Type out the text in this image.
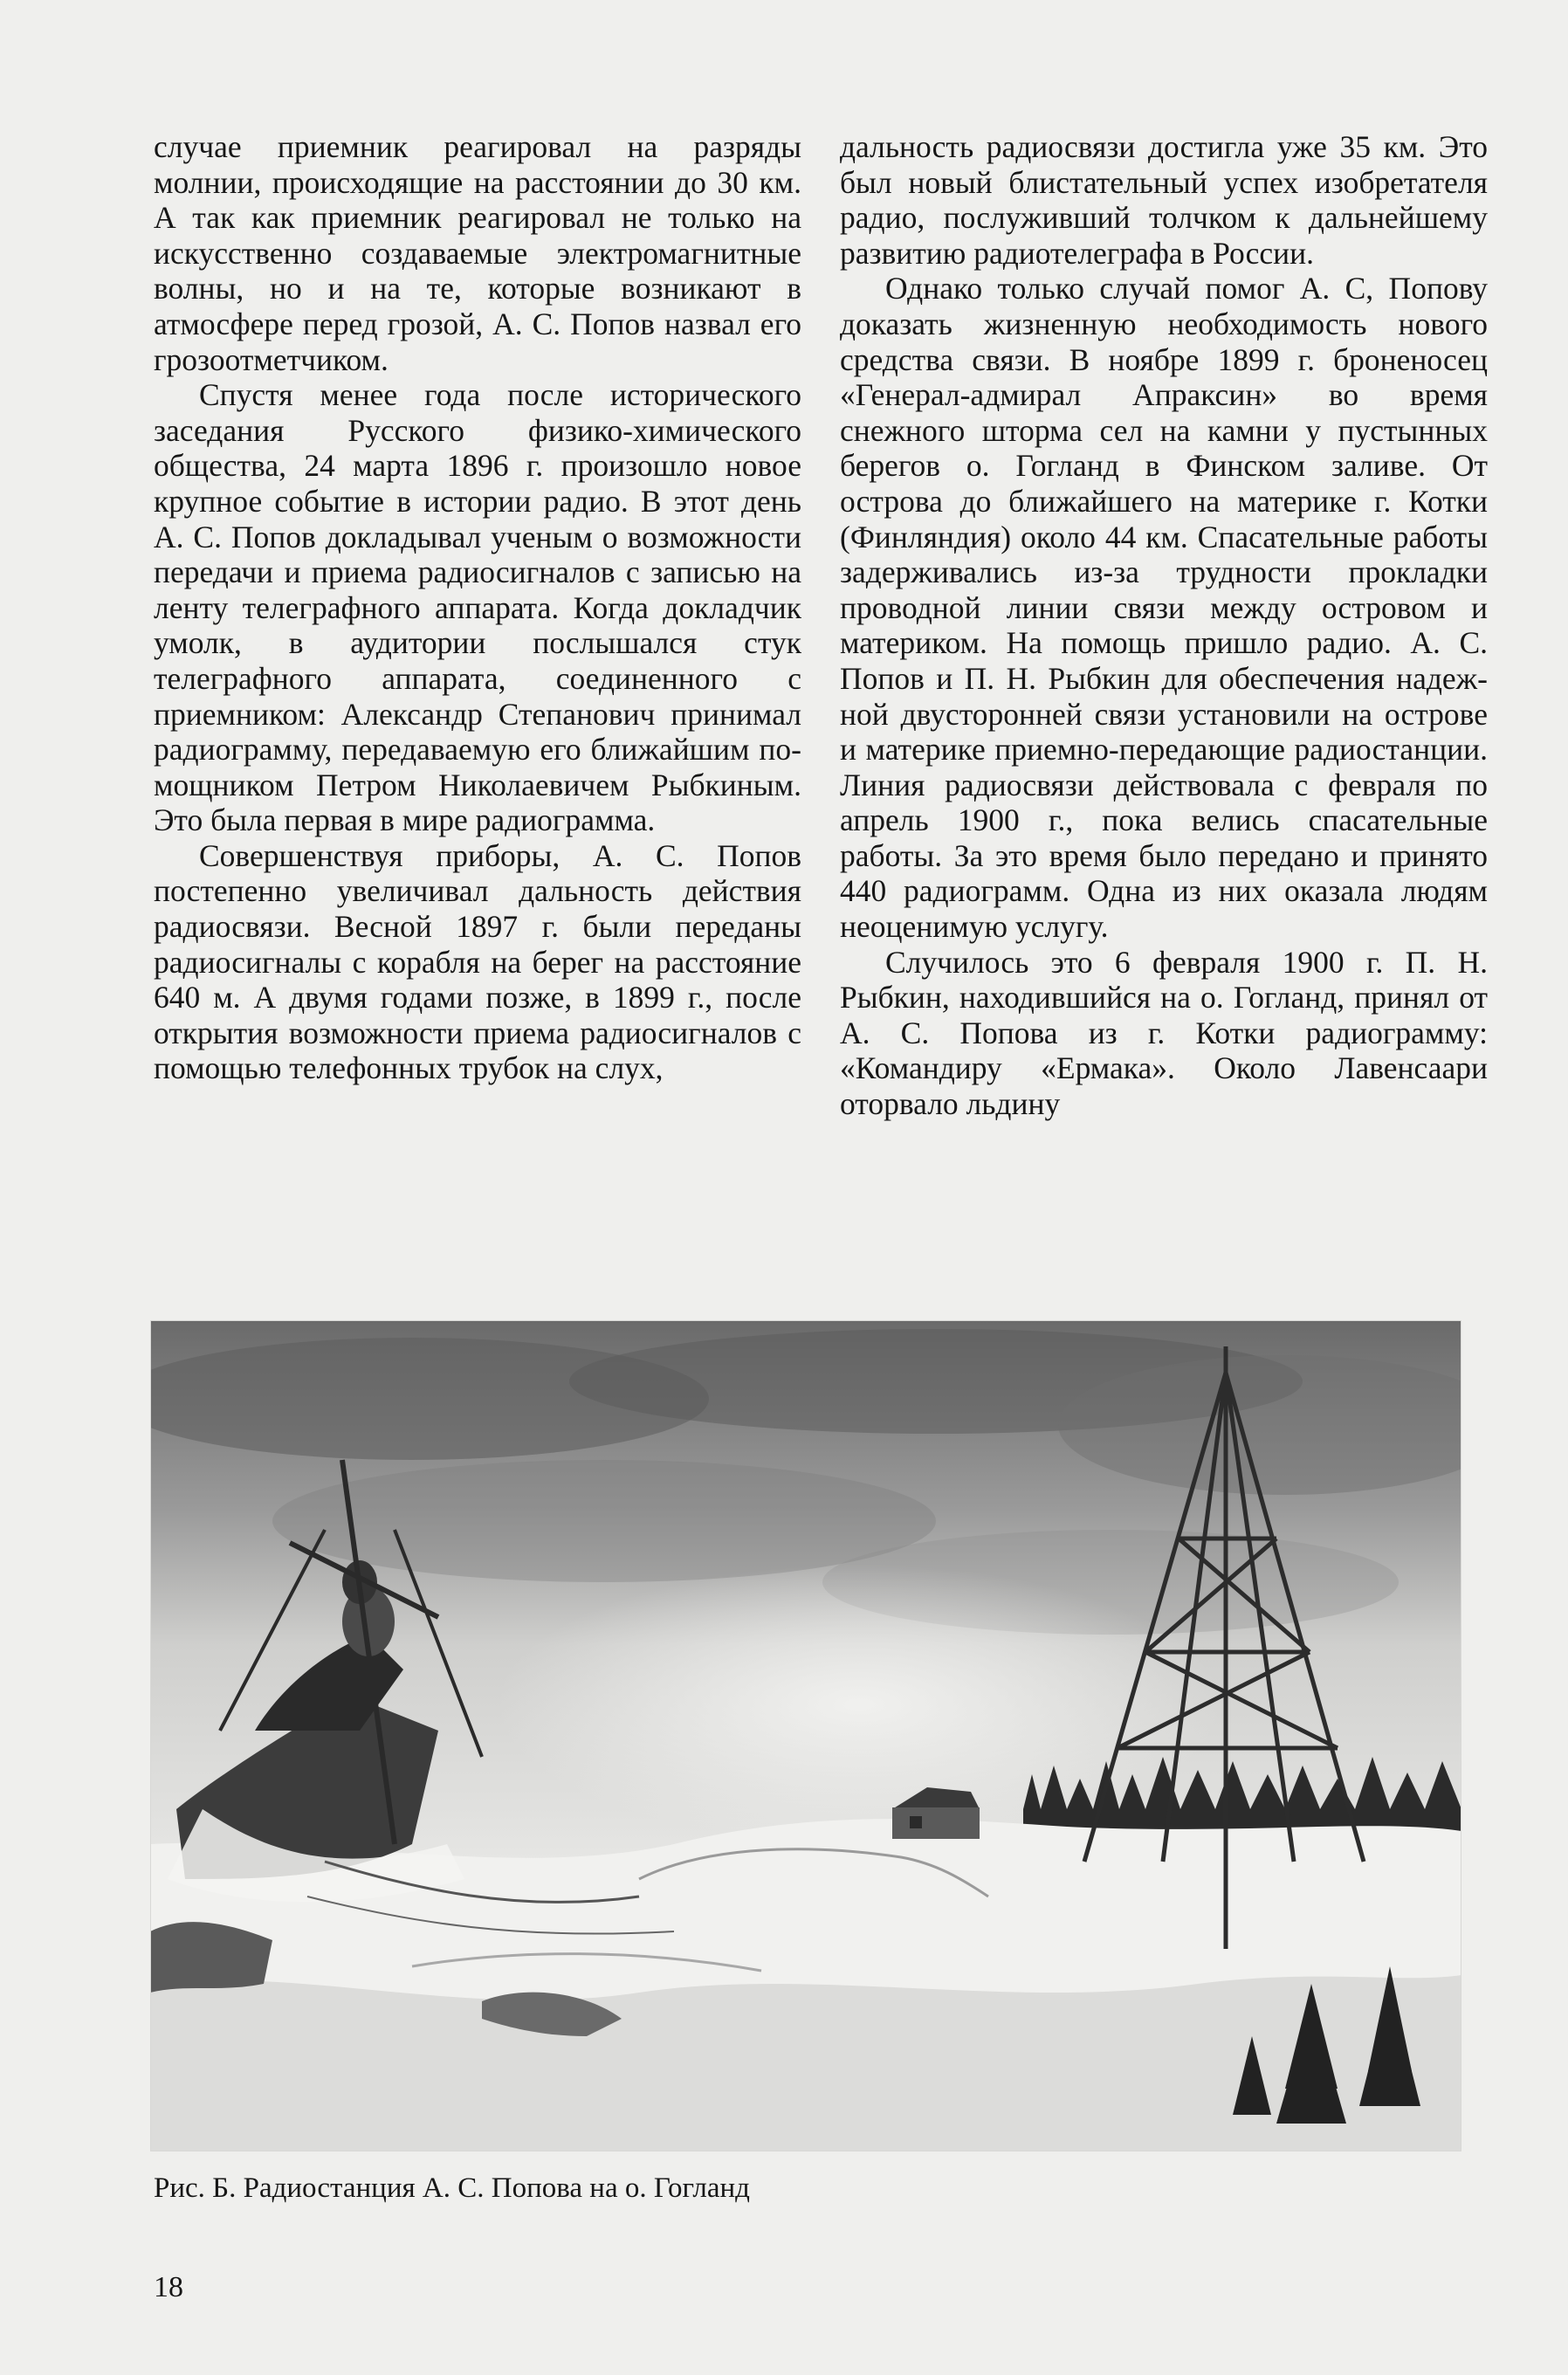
случае приемник реагировал на разряды молнии, происходящие на расстоянии до 30 км. А так как приемник реагировал не только на искусственно создаваемые электромагнитные волны, но и на те, которые возникают в атмосфере перед грозой, А. С. Попов назвал его грозоотметчиком.

Спустя менее года после исторического заседания Русского физико-химического общества, 24 марта 1896 г. произошло новое крупное событие в истории радио. В этот день А. С. Попов докладывал ученым о возможности передачи и приема радиосигналов с записью на ленту телеграфного аппарата. Когда докладчик умолк, в аудитории послышался стук телеграфного аппарата, соединенного с приемником: Александр Степанович принимал радиограмму, передаваемую его ближайшим помощником Петром Николаевичем Рыбкиным. Это была первая в мире радиограмма.

Совершенствуя приборы, А. С. Попов постепенно увеличивал дальность действия радиосвязи. Весной 1897 г. были переданы радиосигналы с корабля на берег на расстояние 640 м. А двумя годами позже, в 1899 г., после открытия возможности приема радиосигналов с помощью телефонных трубок на слух,

дальность радиосвязи достигла уже 35 км. Это был новый блистательный успех изобретателя радио, послуживший толчком к дальнейшему развитию радиотелеграфа в России.

Однако только случай помог А. С, Попову доказать жизненную необходимость нового средства связи. В ноябре 1899 г. броненосец «Генерал-адмирал Апраксин» во время снежного шторма сел на камни у пустынных берегов о. Гогланд в Финском заливе. От острова до ближайшего на материке г. Котки (Финляндия) около 44 км. Спасательные работы задерживались из-за трудности прокладки проводной линии связи между островом и материком. На помощь пришло радио. А. С. Попов и П. Н. Рыбкин для обеспечения надежной двусторонней связи установили на острове и материке приемно-передающие радиостанции. Линия радиосвязи действовала с февраля по апрель 1900 г., пока велись спасательные работы. За это время было передано и принято 440 радиограмм. Одна из них оказала людям неоценимую услугу.

Случилось это 6 февраля 1900 г. П. Н. Рыбкин, находившийся на о. Гогланд, принял от А. С. Попова из г. Котки радиограмму: «Командиру «Ермака». Около Лавенсаари оторвало льдину

Рис. Б. Радиостанция А. С. Попова на о. Гогланд
18
